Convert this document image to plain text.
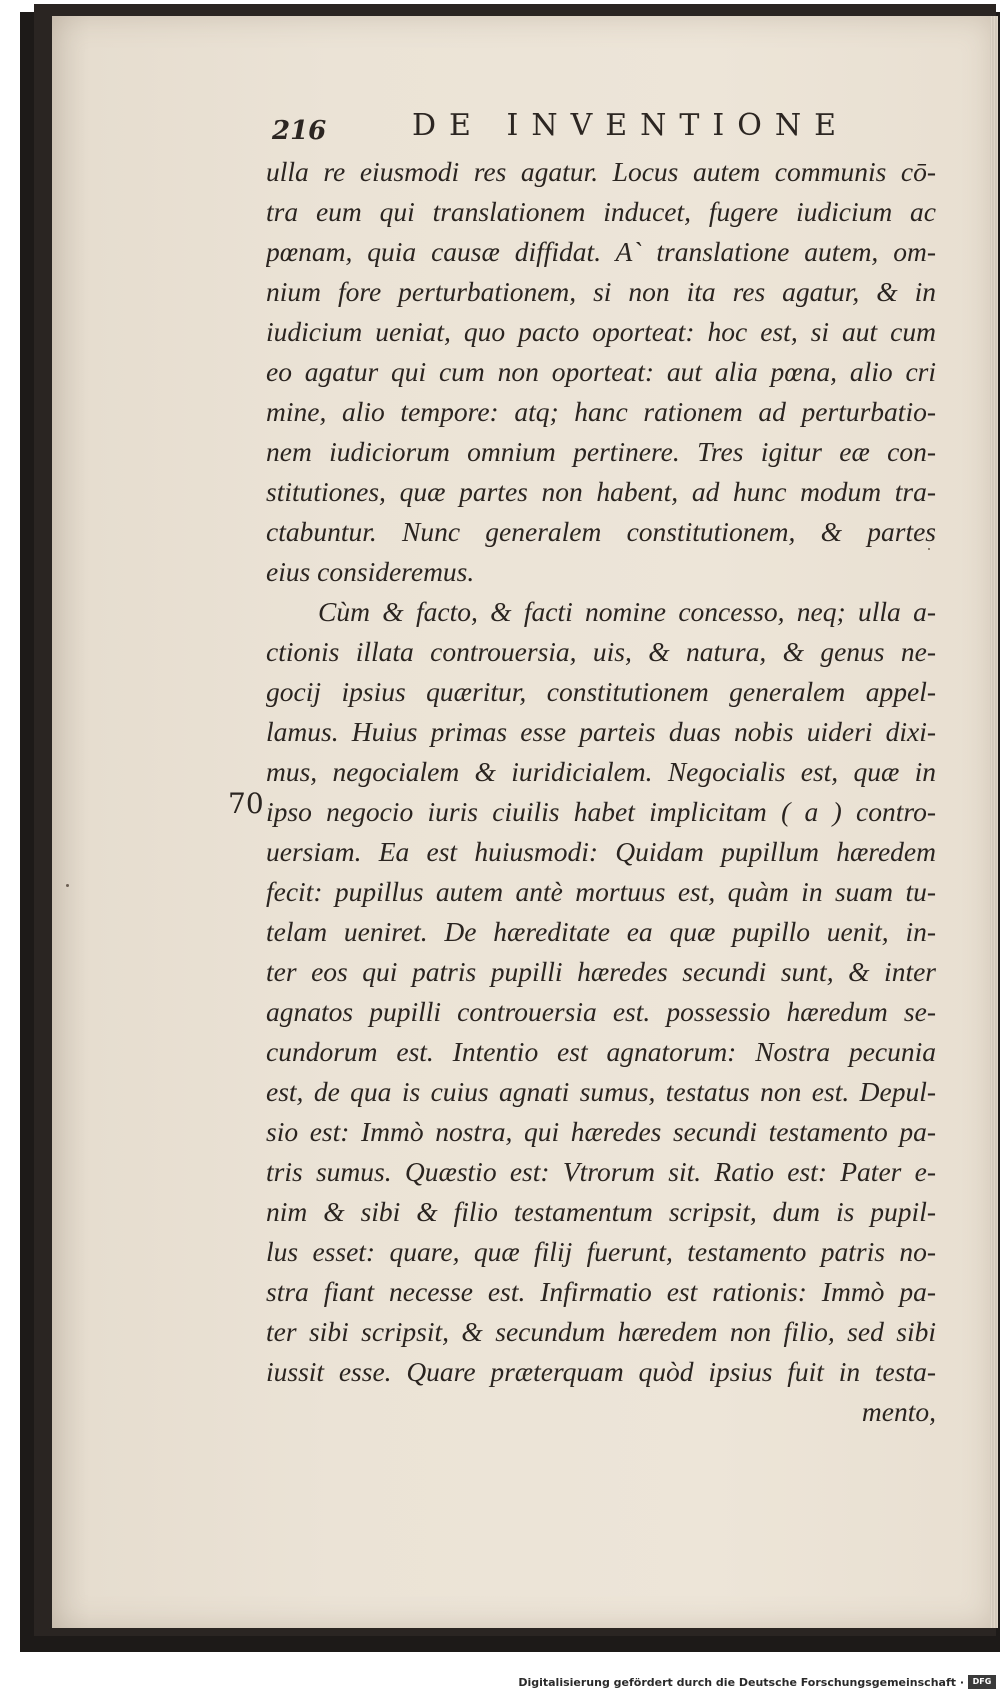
216	DE INVENTIONE
70
ulla re eiusmodi res agatur. Locus autem communis cō-
tra eum qui translationem inducet, fugere iudicium ac
pœnam, quia causæ diffidat. A` translatione autem, om-
nium fore perturbationem, si non ita res agatur, & in
iudicium ueniat, quo pacto oporteat: hoc est, si aut cum
eo agatur qui cum non oporteat: aut alia pœna, alio cri
mine, alio tempore: atq; hanc rationem ad perturbatio-
nem iudiciorum omnium pertinere. Tres igitur eæ con-
stitutiones, quæ partes non habent, ad hunc modum tra-
ctabuntur. Nunc generalem constitutionem, & partes
eius consideremus.
Cùm & facto, & facti nomine concesso, neq; ulla a-
ctionis illata controuersia, uis, & natura, & genus ne-
gocij ipsius quæritur, constitutionem generalem appel-
lamus. Huius primas esse parteis duas nobis uideri dixi-
mus, negocialem & iuridicialem. Negocialis est, quæ in
ipso negocio iuris ciuilis habet implicitam ( a ) contro-
uersiam. Ea est huiusmodi: Quidam pupillum hæredem
fecit: pupillus autem antè mortuus est, quàm in suam tu-
telam ueniret. De hæreditate ea quæ pupillo uenit, in-
ter eos qui patris pupilli hæredes secundi sunt, & inter
agnatos pupilli controuersia est. possessio hæredum se-
cundorum est. Intentio est agnatorum: Nostra pecunia
est, de qua is cuius agnati sumus, testatus non est. Depul-
sio est: Immò nostra, qui hæredes secundi testamento pa-
tris sumus. Quæstio est: Vtrorum sit. Ratio est: Pater e-
nim & sibi & filio testamentum scripsit, dum is pupil-
lus esset: quare, quæ filij fuerunt, testamento patris no-
stra fiant necesse est. Infirmatio est rationis: Immò pa-
ter sibi scripsit, & secundum hæredem non filio, sed sibi
iussit esse. Quare præterquam quòd ipsius fuit in testa-
mento,
Digitalisierung gefördert durch die Deutsche Forschungsgemeinschaft ·	DFG
